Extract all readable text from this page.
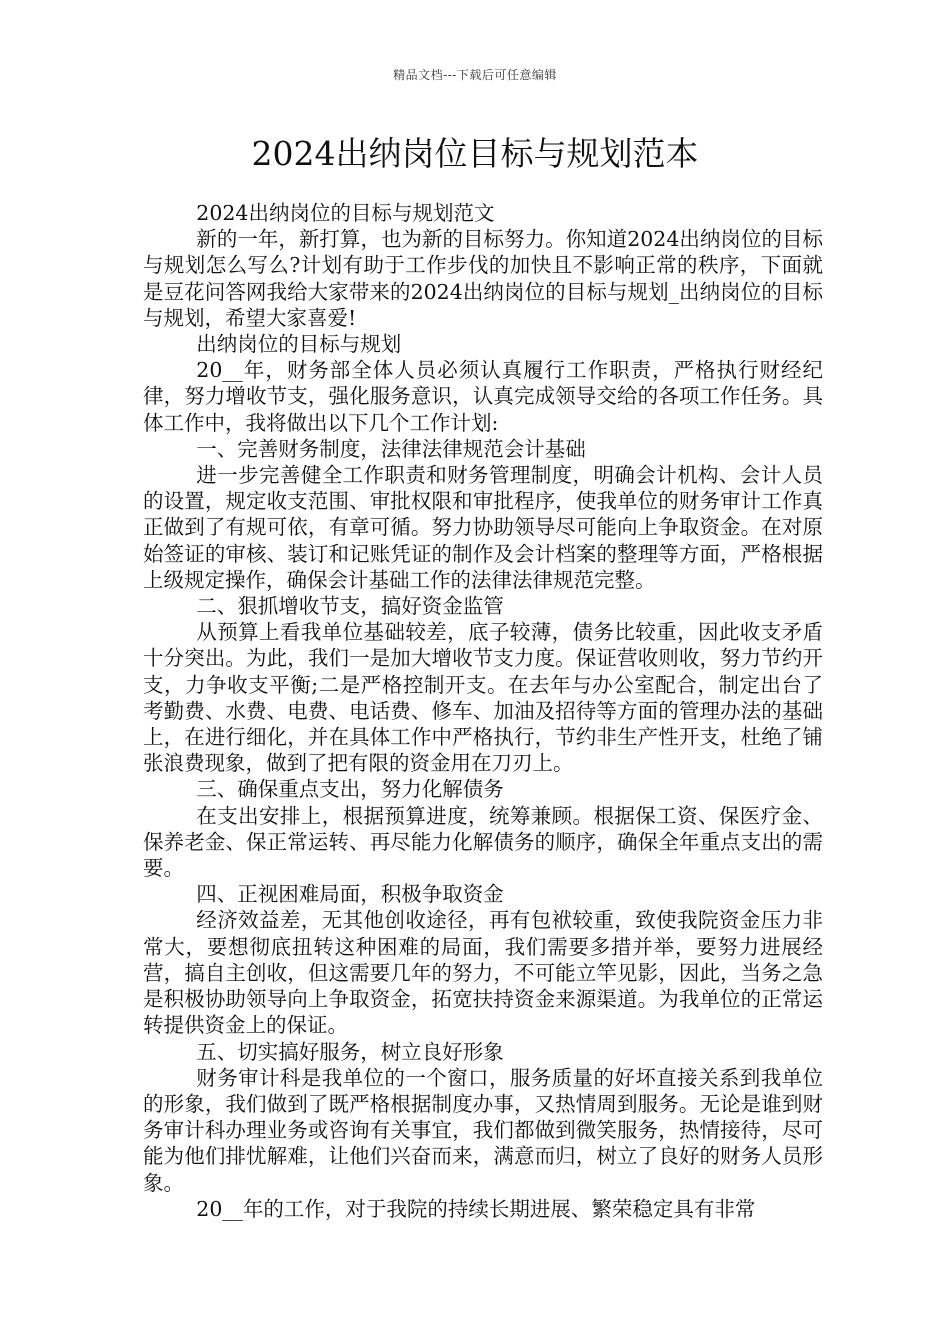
精品文档---下载后可任意编辑
2024出纳岗位目标与规划范本

2024出纳岗位的目标与规划范文

新的一年，新打算，也为新的目标努力。你知道2024出纳岗位的目标与规划怎么写么?计划有助于工作步伐的加快且不影响正常的秩序，下面就是豆花问答网我给大家带来的2024出纳岗位的目标与规划_出纳岗位的目标与规划，希望大家喜爱!

出纳岗位的目标与规划

20__年，财务部全体人员必须认真履行工作职责，严格执行财经纪律，努力增收节支，强化服务意识，认真完成领导交给的各项工作任务。具体工作中，我将做出以下几个工作计划:

一、完善财务制度，法律法律规范会计基础

进一步完善健全工作职责和财务管理制度，明确会计机构、会计人员的设置，规定收支范围、审批权限和审批程序，使我单位的财务审计工作真正做到了有规可依，有章可循。努力协助领导尽可能向上争取资金。在对原始签证的审核、装订和记账凭证的制作及会计档案的整理等方面，严格根据上级规定操作，确保会计基础工作的法律法律规范完整。

二、狠抓增收节支，搞好资金监管

从预算上看我单位基础较差，底子较薄，债务比较重，因此收支矛盾十分突出。为此，我们一是加大增收节支力度。保证营收则收，努力节约开支，力争收支平衡;二是严格控制开支。在去年与办公室配合，制定出台了考勤费、水费、电费、电话费、修车、加油及招待等方面的管理办法的基础上，在进行细化，并在具体工作中严格执行，节约非生产性开支，杜绝了铺张浪费现象，做到了把有限的资金用在刀刃上。

三、确保重点支出，努力化解债务

在支出安排上，根据预算进度，统筹兼顾。根据保工资、保医疗金、保养老金、保正常运转、再尽能力化解债务的顺序，确保全年重点支出的需要。

四、正视困难局面，积极争取资金

经济效益差，无其他创收途径，再有包袱较重，致使我院资金压力非常大，要想彻底扭转这种困难的局面，我们需要多措并举，要努力进展经营，搞自主创收，但这需要几年的努力，不可能立竿见影，因此，当务之急是积极协助领导向上争取资金，拓宽扶持资金来源渠道。为我单位的正常运转提供资金上的保证。

五、切实搞好服务，树立良好形象

财务审计科是我单位的一个窗口，服务质量的好坏直接关系到我单位的形象，我们做到了既严格根据制度办事，又热情周到服务。无论是谁到财务审计科办理业务或咨询有关事宜，我们都做到微笑服务，热情接待，尽可能为他们排忧解难，让他们兴奋而来，满意而归，树立了良好的财务人员形象。

20__年的工作，对于我院的持续长期进展、繁荣稳定具有非常
